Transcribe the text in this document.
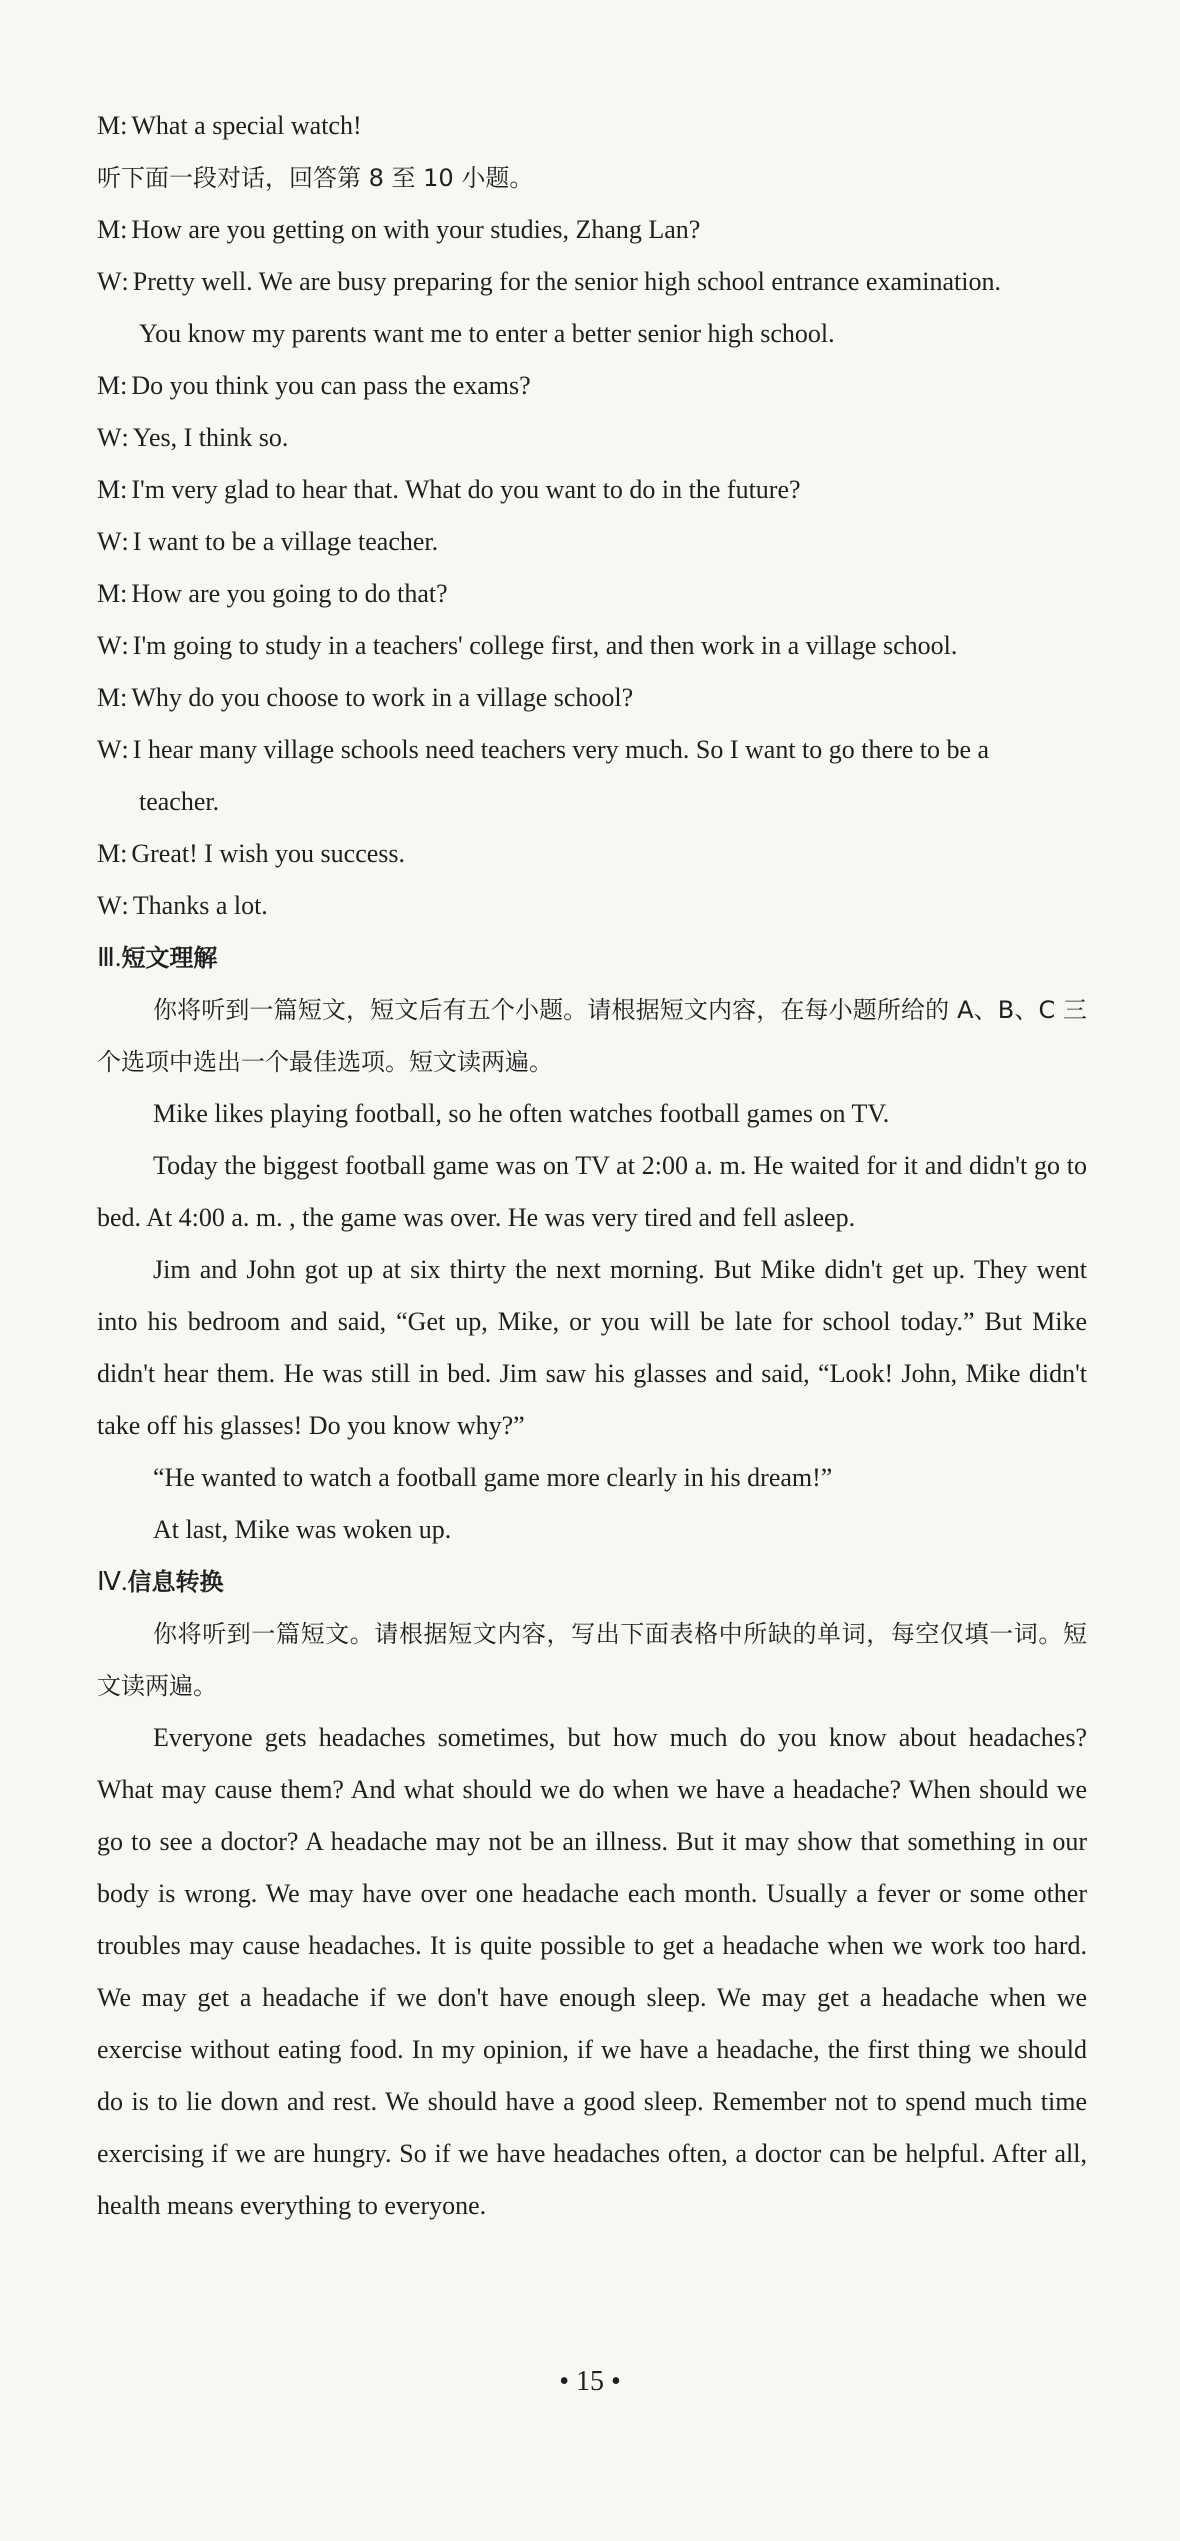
M : What a special watch!
听下面一段对话，回答第 8 至 10 小题。
M : How are you getting on with your studies, Zhang Lan?
W : Pretty well. We are busy preparing for the senior high school entrance examination.
You know my parents want me to enter a better senior high school.
M : Do you think you can pass the exams?
W : Yes, I think so.
M : I'm very glad to hear that. What do you want to do in the future?
W : I want to be a village teacher.
M : How are you going to do that?
W : I'm going to study in a teachers' college first, and then work in a village school.
M : Why do you choose to work in a village school?
W : I hear many village schools need teachers very much. So I want to go there to be a
teacher.
M : Great! I wish you success.
W : Thanks a lot.
Ⅲ.短文理解
你将听到一篇短文，短文后有五个小题。请根据短文内容，在每小题所给的 A、B、C 三个选项中选出一个最佳选项。短文读两遍。
Mike likes playing football, so he often watches football games on TV.
Today the biggest football game was on TV at 2:00 a. m. He waited for it and didn't go to bed. At 4:00 a. m. , the game was over. He was very tired and fell asleep.
Jim and John got up at six thirty the next morning. But Mike didn't get up. They went into his bedroom and said, “Get up, Mike, or you will be late for school today.” But Mike didn't hear them. He was still in bed. Jim saw his glasses and said, “Look! John, Mike didn't take off his glasses! Do you know why?”
“He wanted to watch a football game more clearly in his dream!”
At last, Mike was woken up.
Ⅳ.信息转换
你将听到一篇短文。请根据短文内容，写出下面表格中所缺的单词，每空仅填一词。短文读两遍。
Everyone gets headaches sometimes, but how much do you know about headaches? What may cause them? And what should we do when we have a headache? When should we go to see a doctor? A headache may not be an illness. But it may show that something in our body is wrong. We may have over one headache each month. Usually a fever or some other troubles may cause headaches. It is quite possible to get a headache when we work too hard. We may get a headache if we don't have enough sleep. We may get a headache when we exercise without eating food. In my opinion, if we have a headache, the first thing we should do is to lie down and rest. We should have a good sleep. Remember not to spend much time exercising if we are hungry. So if we have headaches often, a doctor can be helpful. After all, health means everything to everyone.
• 15 •
